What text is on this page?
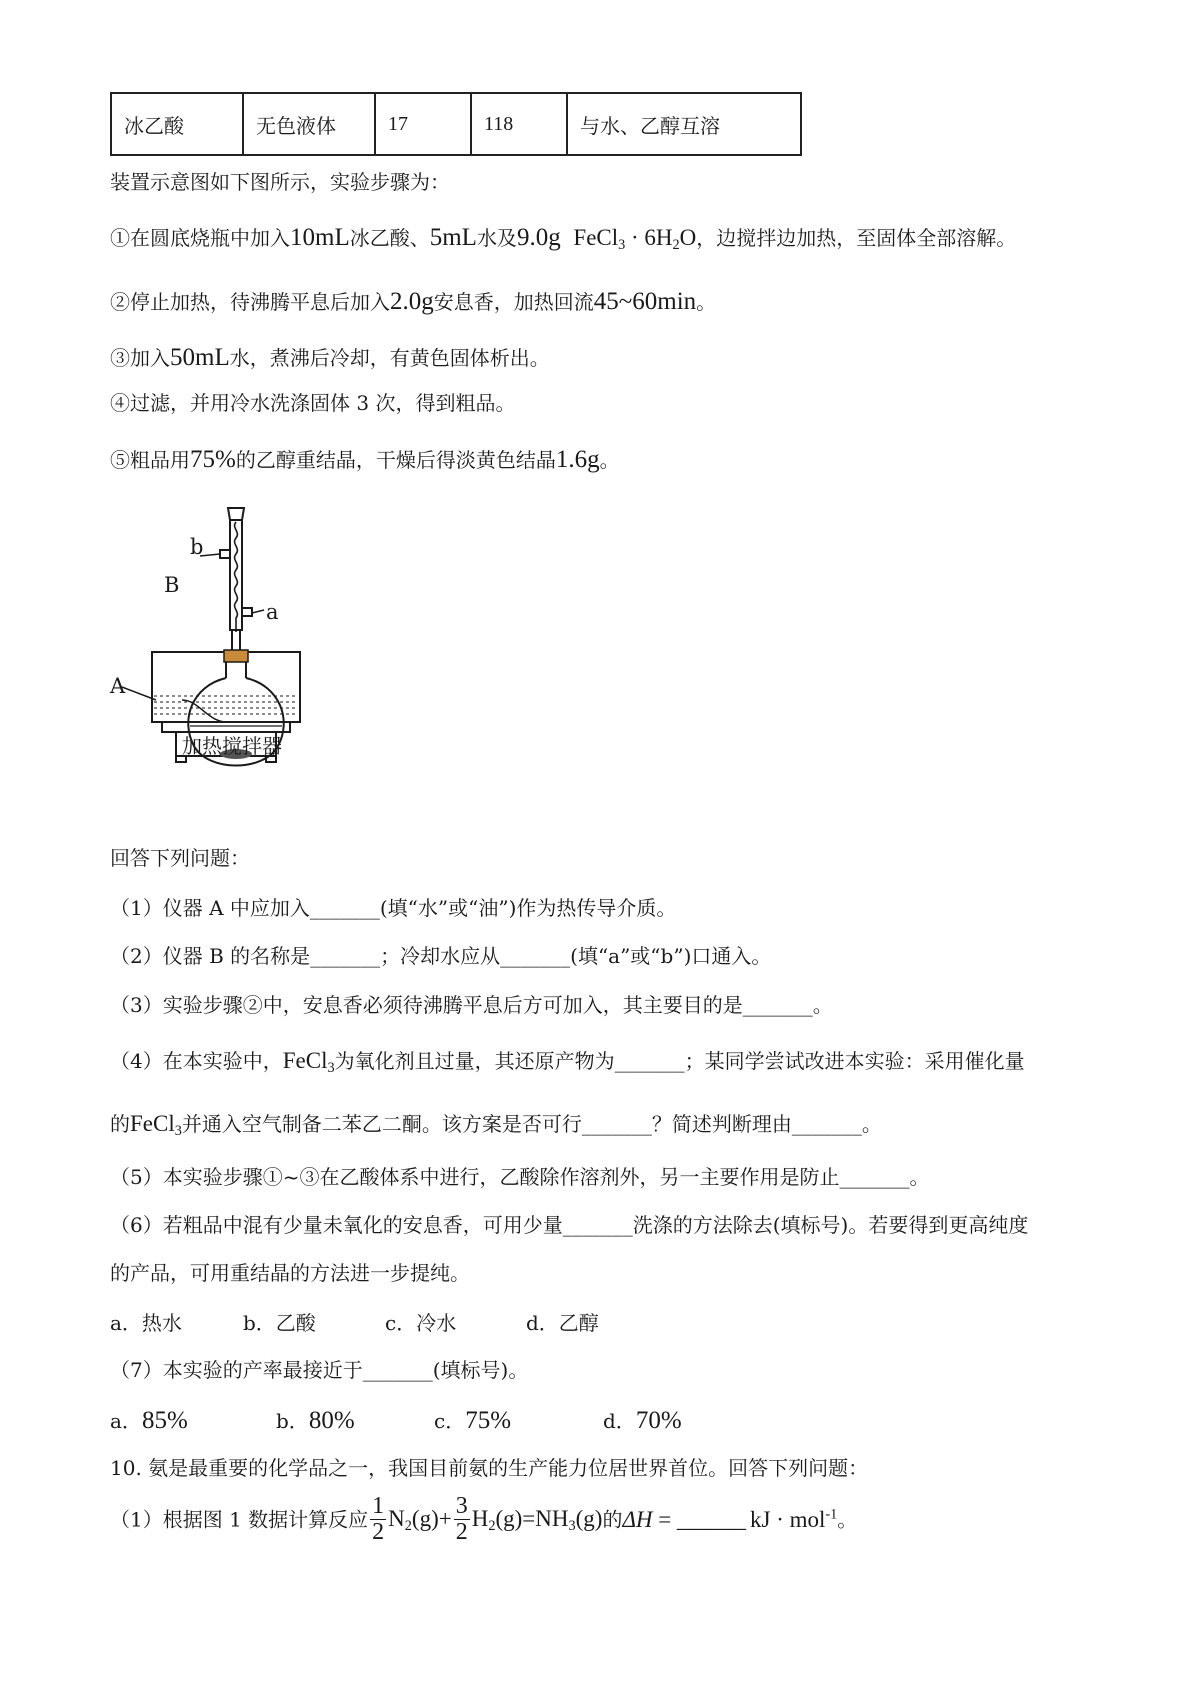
冰乙酸	无色液体	17	118	与水、乙醇互溶
装置示意图如下图所示，实验步骤为：
①在圆底烧瓶中加入10mL冰乙酸、5mL水及9.0g FeCl$_3$ · $6H_2O$，边搅拌边加热，至固体全部溶解。
②停止加热，待沸腾平息后加入2.0g安息香，加热回流45~60min。
③加入50mL水，煮沸后冷却，有黄色固体析出。
④过滤，并用冷水洗涤固体 3 次，得到粗品。
⑤粗品用75%的乙醇重结晶，干燥后得淡黄色结晶1.6g。
b
B
a
A
加热搅拌器
回答下列问题：
（1）仪器 A 中应加入_______(填“水”或“油”)作为热传导介质。
（2）仪器 B 的名称是_______；冷却水应从_______(填“a”或“b”)口通入。
（3）实验步骤②中，安息香必须待沸腾平息后方可加入，其主要目的是_______。
（4）在本实验中，FeCl$_3$为氧化剂且过量，其还原产物为_______；某同学尝试改进本实验：采用催化量
的FeCl$_3$并通入空气制备二苯乙二酮。该方案是否可行_______？简述判断理由_______。
（5）本实验步骤①~③在乙酸体系中进行，乙酸除作溶剂外，另一主要作用是防止_______。
（6）若粗品中混有少量未氧化的安息香，可用少量_______洗涤的方法除去(填标号)。若要得到更高纯度
的产品，可用重结晶的方法进一步提纯。
a．热水	b．乙酸	c．冷水	d．乙醇
（7）本实验的产率最接近于_______(填标号)。
a．85%	b．80%	c．75%	d．70%
10. 氨是最重要的化学品之一，我国目前氨的生产能力位居世界首位。回答下列问题：
（1）根据图 1 数据计算反应 $\frac{1}{2} N_2(g)+ \frac{3}{2} H_2(g)=NH_3(g)$的ΔH = ______ kJ · mol$^{-1}$。
